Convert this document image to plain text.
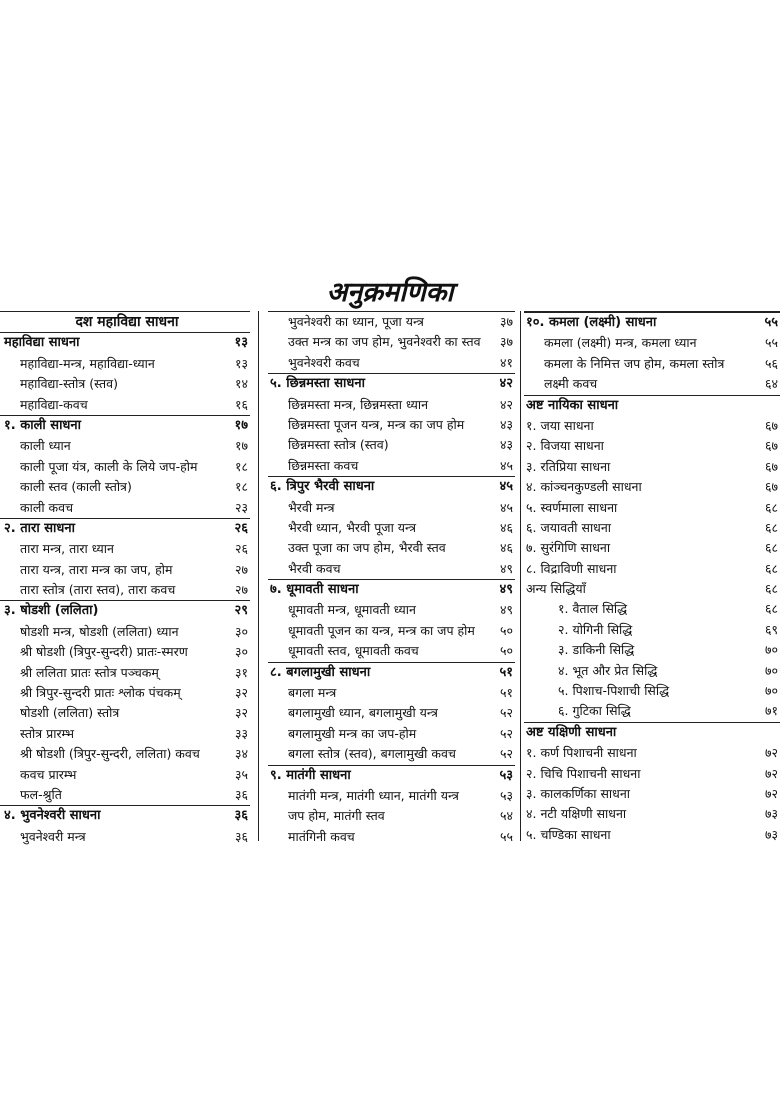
अनुक्रमणिका
दश महाविद्या साधना
महाविद्या साधना	१३
महाविद्या-मन्त्र, महाविद्या-ध्यान	१३
महाविद्या-स्तोत्र (स्तव)	१४
महाविद्या-कवच	१६
१. काली साधना	१७
काली ध्यान	१७
काली पूजा यंत्र, काली के लिये जप-होम	१८
काली स्तव (काली स्तोत्र)	१८
काली कवच	२३
२. तारा साधना	२६
तारा मन्त्र, तारा ध्यान	२६
तारा यन्त्र, तारा मन्त्र का जप, होम	२७
तारा स्तोत्र (तारा स्तव), तारा कवच	२७
३. षोडशी (ललिता)	२९
षोडशी मन्त्र, षोडशी (ललिता) ध्यान	३०
श्री षोडशी (त्रिपुर-सुन्दरी) प्रातः-स्मरण	३०
श्री ललिता प्रातः स्तोत्र पञ्चकम्	३१
श्री त्रिपुर-सुन्दरी प्रातः श्लोक पंचकम्	३२
षोडशी (ललिता) स्तोत्र	३२
स्तोत्र प्रारम्भ	३३
श्री षोडशी (त्रिपुर-सुन्दरी, ललिता) कवच	३४
कवच प्रारम्भ	३५
फल-श्रुति	३६
४. भुवनेश्वरी साधना	३६
भुवनेश्वरी मन्त्र	३६
भुवनेश्वरी का ध्यान, पूजा यन्त्र	३७
उक्त मन्त्र का जप होम, भुवनेश्वरी का स्तव ३७
भुवनेश्वरी कवच	४१
५. छिन्नमस्ता साधना	४२
छिन्नमस्ता मन्त्र, छिन्नमस्ता ध्यान	४२
छिन्नमस्ता पूजन यन्त्र, मन्त्र का जप होम	४३
छिन्नमस्ता स्तोत्र (स्तव)	४३
छिन्नमस्ता कवच	४५
६. त्रिपुर भैरवी साधना	४५
भैरवी मन्त्र	४५
भैरवी ध्यान, भैरवी पूजा यन्त्र	४६
उक्त पूजा का जप होम, भैरवी स्तव	४६
भैरवी कवच	४९
७. धूमावती साधना	४९
धूमावती मन्त्र, धूमावती ध्यान	४९
धूमावती पूजन का यन्त्र, मन्त्र का जप होम ५०
धूमावती स्तव, धूमावती कवच	५०
८. बगलामुखी साधना	५१
बगला मन्त्र	५१
बगलामुखी ध्यान, बगलामुखी यन्त्र	५२
बगलामुखी मन्त्र का जप-होम	५२
बगला स्तोत्र (स्तव), बगलामुखी कवच	५२
९. मातंगी साधना	५३
मातंगी मन्त्र, मातंगी ध्यान, मातंगी यन्त्र	५३
जप होम, मातंगी स्तव	५४
मातंगिनी कवच	५५
१०. कमला (लक्ष्मी) साधना	५५
कमला (लक्ष्मी) मन्त्र, कमला ध्यान	५५
कमला के निमित्त जप होम, कमला स्तोत्र	५६
लक्ष्मी कवच	६४
अष्ट नायिका साधना
१. जया साधना	६७
२. विजया साधना	६७
३. रतिप्रिया साधना	६७
४. कांञ्चनकुण्डली साधना	६७
५. स्वर्णमाला साधना	६८
६. जयावती साधना	६८
७. सुरंगिणि साधना	६८
८. विद्राविणी साधना	६८
अन्य सिद्धियाँ	६८
१. वैताल सिद्धि	६८
२. योगिनी सिद्धि	६९
३. डाकिनी सिद्धि	७०
४. भूत और प्रेत सिद्धि	७०
५. पिशाच-पिशाची सिद्धि	७०
६. गुटिका सिद्धि	७१
अष्ट यक्षिणी साधना
१. कर्ण पिशाचनी साधना	७२
२. चिचि पिशाचनी साधना	७२
३. कालकर्णिका साधना	७२
४. नटी यक्षिणी साधना	७३
५. चण्डिका साधना	७३
